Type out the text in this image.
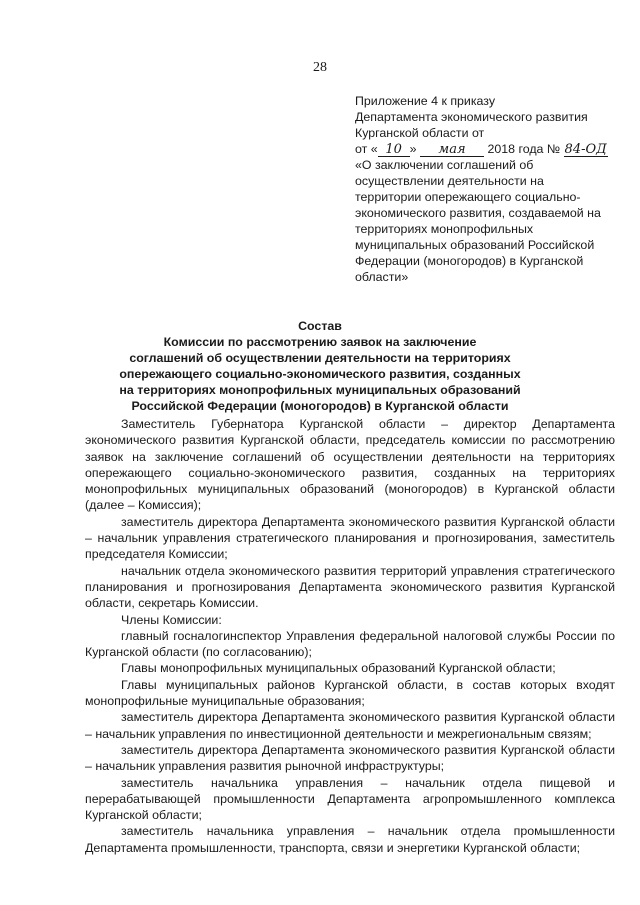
28
Приложение 4 к приказу
Департамента экономического развития
Курганской области от
от « 10 » мая 2018 года № 84-ОД
«О заключении соглашений об
осуществлении деятельности на
территории опережающего социально-
экономического развития, создаваемой на
территориях монопрофильных
муниципальных образований Российской
Федерации (моногородов) в Курганской
области»
Состав
Комиссии по рассмотрению заявок на заключение
соглашений об осуществлении деятельности на территориях
опережающего социально-экономического развития, созданных
на территориях монопрофильных муниципальных образований
Российской Федерации (моногородов) в Курганской области

Заместитель Губернатора Курганской области – директор Департамента экономического развития Курганской области, председатель комиссии по рассмотрению заявок на заключение соглашений об осуществлении деятельности на территориях опережающего социально-экономического развития, созданных на территориях монопрофильных муниципальных образований (моногородов) в Курганской области (далее – Комиссия);

заместитель директора Департамента экономического развития Курганской области – начальник управления стратегического планирования и прогнозирования, заместитель председателя Комиссии;

начальник отдела экономического развития территорий управления стратегического планирования и прогнозирования Департамента экономического развития Курганской области, секретарь Комиссии.

Члены Комиссии:

главный госналогинспектор Управления федеральной налоговой службы России по Курганской области (по согласованию);

Главы монопрофильных муниципальных образований Курганской области;

Главы муниципальных районов Курганской области, в состав которых входят монопрофильные муниципальные образования;

заместитель директора Департамента экономического развития Курганской области – начальник управления по инвестиционной деятельности и межрегиональным связям;

заместитель директора Департамента экономического развития Курганской области – начальник управления развития рыночной инфраструктуры;

заместитель начальника управления – начальник отдела пищевой и перерабатывающей промышленности Департамента агропромышленного комплекса Курганской области;

заместитель начальника управления – начальник отдела промышленности Департамента промышленности, транспорта, связи и энергетики Курганской области;
